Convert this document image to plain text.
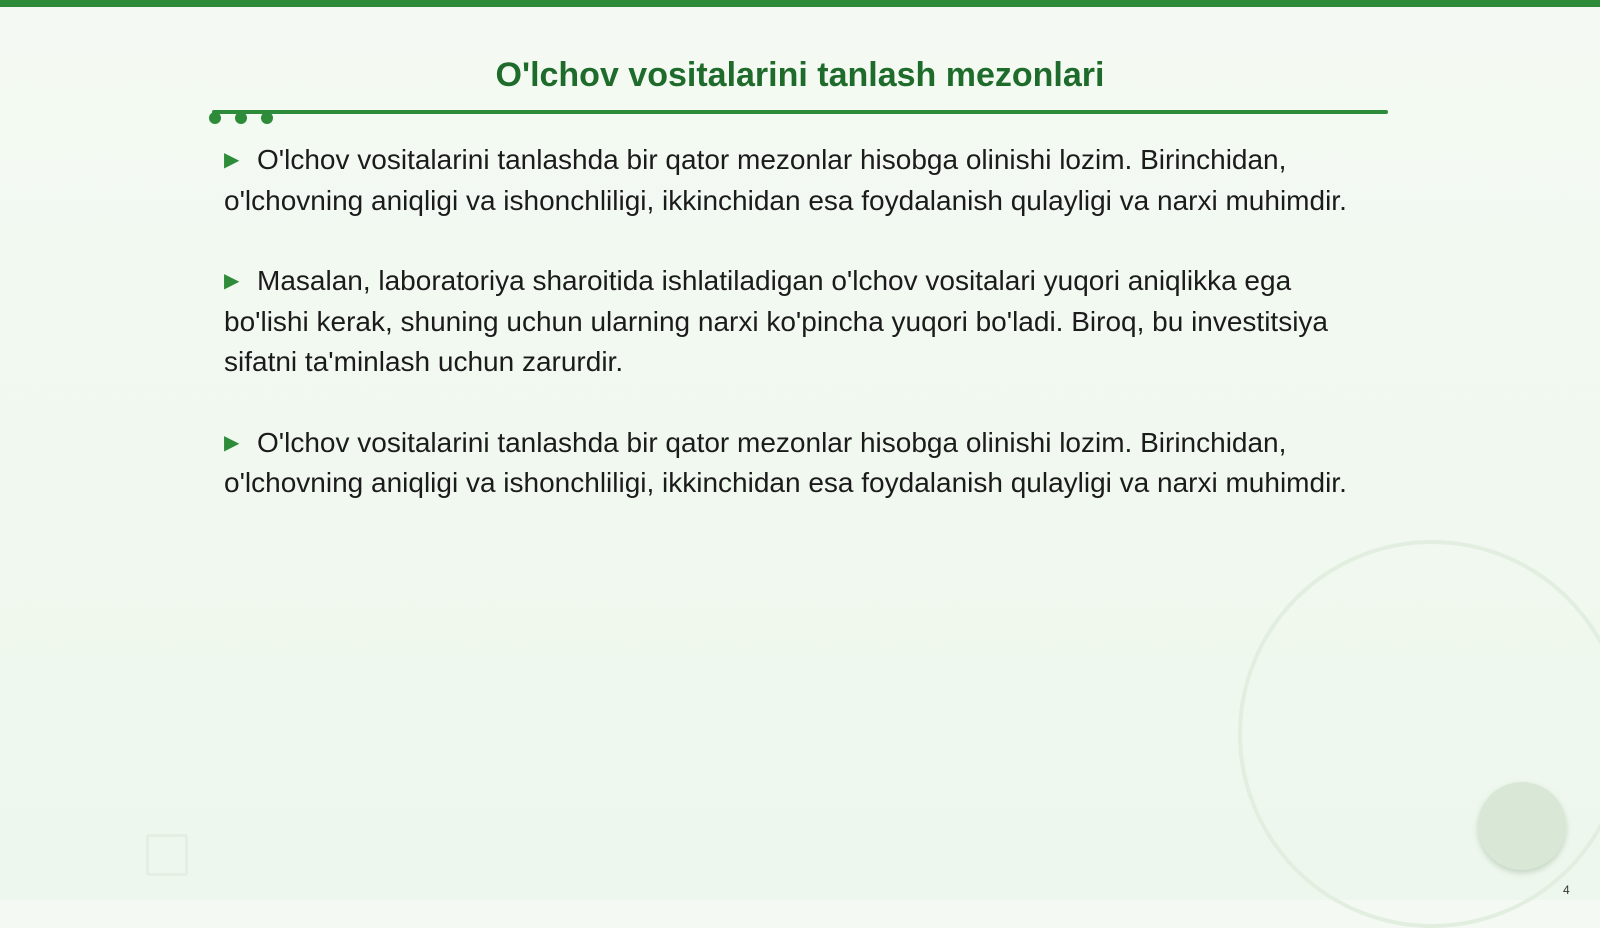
O'lchov vositalarini tanlash mezonlari

▶ O'lchov vositalarini tanlashda bir qator mezonlar hisobga olinishi lozim. Birinchidan, o'lchovning aniqligi va ishonchliligi, ikkinchidan esa foydalanish qulayligi va narxi muhimdir.

▶ Masalan, laboratoriya sharoitida ishlatiladigan o'lchov vositalari yuqori aniqlikka ega bo'lishi kerak, shuning uchun ularning narxi ko'pincha yuqori bo'ladi. Biroq, bu investitsiya sifatni ta'minlash uchun zarurdir.

▶ O'lchov vositalarini tanlashda bir qator mezonlar hisobga olinishi lozim. Birinchidan, o'lchovning aniqligi va ishonchliligi, ikkinchidan esa foydalanish qulayligi va narxi muhimdir.

4
